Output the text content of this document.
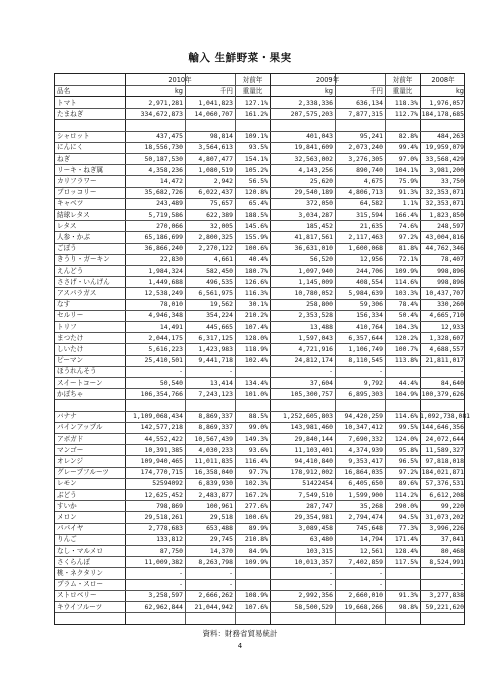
輸入 生鮮野菜・果実
2010年	対前年	2009年	対前年	2008年
品名	kg	千円	重量比	kg	千円	重量比	kg
トマト	2,971,281	1,041,823	127.1%	2,338,336	636,134	118.3%	1,976,057
たまねぎ	334,672,873	14,060,707	161.2%	207,575,203	7,877,315	112.7% 184,178,685
シャロット	437,475	98,814	109.1%	401,043	95,241	82.8%	484,263
にんにく	18,556,730	3,564,613	93.5%	19,841,609	2,073,240	99.4%	19,959,079
ねぎ	50,187,530	4,807,477	154.1%	32,563,002	3,276,305	97.0%	33,568,429
リーキ・ねぎ属	4,358,236	1,080,519	105.2%	4,143,256	890,740	104.1%	3,981,200
カリフラワー	14,472	2,942	56.5%	25,620	4,675	75.9%	33,750
ブロッコリー	35,682,726	6,022,437	120.8%	29,540,189	4,806,713	91.3%	32,353,071
キャベツ	243,489	75,657	65.4%	372,050	64,582	1.1%	32,353,071
結球レタス	5,719,586	622,389	188.5%	3,034,287	315,594	166.4%	1,823,850
レタス	270,066	32,005	145.6%	185,452	21,635	74.6%	248,597
人参・かぶ	65,186,699	2,800,325	155.9%	41,817,561	2,117,463	97.2%	43,004,816
ごぼう	36,866,240	2,270,122	100.6%	36,631,010	1,600,068	81.8%	44,762,346
きうり・ガーキン	22,830	4,661	40.4%	56,520	12,956	72.1%	78,407
えんどう	1,984,324	582,450	180.7%	1,097,940	244,706	109.9%	998,896
ささげ・いんげん	1,449,688	496,535	126.6%	1,145,009	408,554	114.6%	998,896
アスパラガス	12,538,249	6,561,975	116.3%	10,780,052	5,984,639	103.3%	10,437,707
なす	78,010	19,562	30.1%	258,800	59,306	78.4%	330,260
セルリー	4,946,348	354,224	210.2%	2,353,528	156,334	50.4%	4,665,710
トリフ	14,491	445,665	107.4%	13,488	410,764	104.3%	12,933
まつたけ	2,044,175	6,317,125	128.0%	1,597,043	6,357,644	120.2%	1,328,607
しいたけ	5,616,223	1,423,983	118.9%	4,721,916	1,106,749	100.7%	4,688,557
ピーマン	25,410,501	9,441,718	102.4%	24,812,174	8,110,545	113.8%	21,811,017
ほうれんそう	-	-	-	-	-
スイートコーン	50,540	13,414	134.4%	37,604	9,792	44.4%	84,640
かぼちゃ	106,354,766	7,243,123	101.0%	105,300,757	6,895,303	104.9% 100,379,626
バナナ	1,109,068,434	8,869,337	88.5%	1,252,605,803	94,420,259	114.6% 1,092,738,081
パインアップル	142,577,218	8,869,337	99.0%	143,981,460	10,347,412	99.5% 144,646,356
アボガド	44,552,422	10,567,439	149.3%	29,840,144	7,690,332	124.0%	24,072,644
マンゴー	10,391,385	4,030,233	93.6%	11,103,401	4,374,939	95.8%	11,589,327
オレンジ	109,940,465	11,011,835	116.4%	94,410,840	9,353,417	96.5%	97,818,018
グレープフルーツ	174,770,715	16,358,040	97.7%	178,912,002	16,864,035	97.2% 184,021,871
レモン	52594092	6,839,930	102.3%	51422454	6,405,650	89.6%	57,376,531
ぶどう	12,625,452	2,483,877	167.2%	7,549,510	1,599,900	114.2%	6,612,208
すいか	798,869	100,961	277.6%	287,747	35,268	290.0%	99,220
メロン	29,518,261	29,518	100.6%	29,354,981	2,794,474	94.5%	31,073,202
パパイヤ	2,778,683	653,488	89.9%	3,089,458	745,648	77.3%	3,996,226
りんご	133,812	29,745	210.8%	63,480	14,794	171.4%	37,041
なし・マルメロ	87,750	14,370	84.9%	103,315	12,561	128.4%	80,468
さくらんぼ	11,009,382	8,263,798	109.9%	10,013,357	7,402,859	117.5%	8,524,991
桃・ネクタリン	-	-	-	-	-
プラム・スロー	-	-	-	-	-
ストロベリー	3,258,597	2,666,262	108.9%	2,992,356	2,660,010	91.3%	3,277,838
キウイフルーツ	62,962,844	21,044,942	107.6%	58,500,529	19,668,266	98.8%	59,221,620
資料：財務省貿易統計
4
